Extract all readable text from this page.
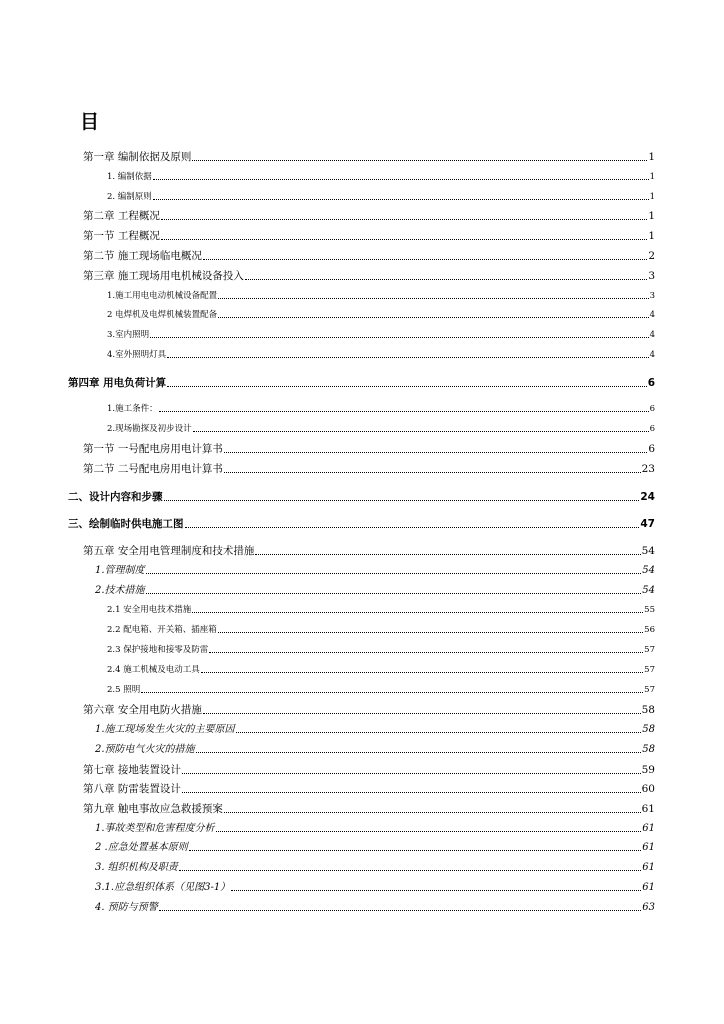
目
第一章 编制依据及原则	1
1. 编制依据	1
2. 编制原则	1
第二章 工程概况	1
第一节 工程概况	1
第二节 施工现场临电概况	2
第三章 施工现场用电机械设备投入	3
1.施工用电电动机械设备配置	3
2 电焊机及电焊机械装置配备	4
3.室内照明	4
4.室外照明灯具	4
第四章 用电负荷计算	6
1.施工条件：	6
2.现场勘探及初步设计	6
第一节 一号配电房用电计算书	6
第二节 二号配电房用电计算书	23
二、设计内容和步骤	24
三、绘制临时供电施工图	47
第五章 安全用电管理制度和技术措施	54
1.管理制度	54
2.技术措施	54
2.1 安全用电技术措施	55
2.2 配电箱、开关箱、插座箱	56
2.3 保护接地和接零及防雷	57
2.4 施工机械及电动工具	57
2.5 照明	57
第六章 安全用电防火措施	58
1.施工现场发生火灾的主要原因	58
2.预防电气火灾的措施	58
第七章 接地装置设计	59
第八章 防雷装置设计	60
第九章 触电事故应急救援预案	61
1.事故类型和危害程度分析	61
2 .应急处置基本原则	61
3. 组织机构及职责	61
3.1.应急组织体系（见图3-1）	61
4. 预防与预警	63
